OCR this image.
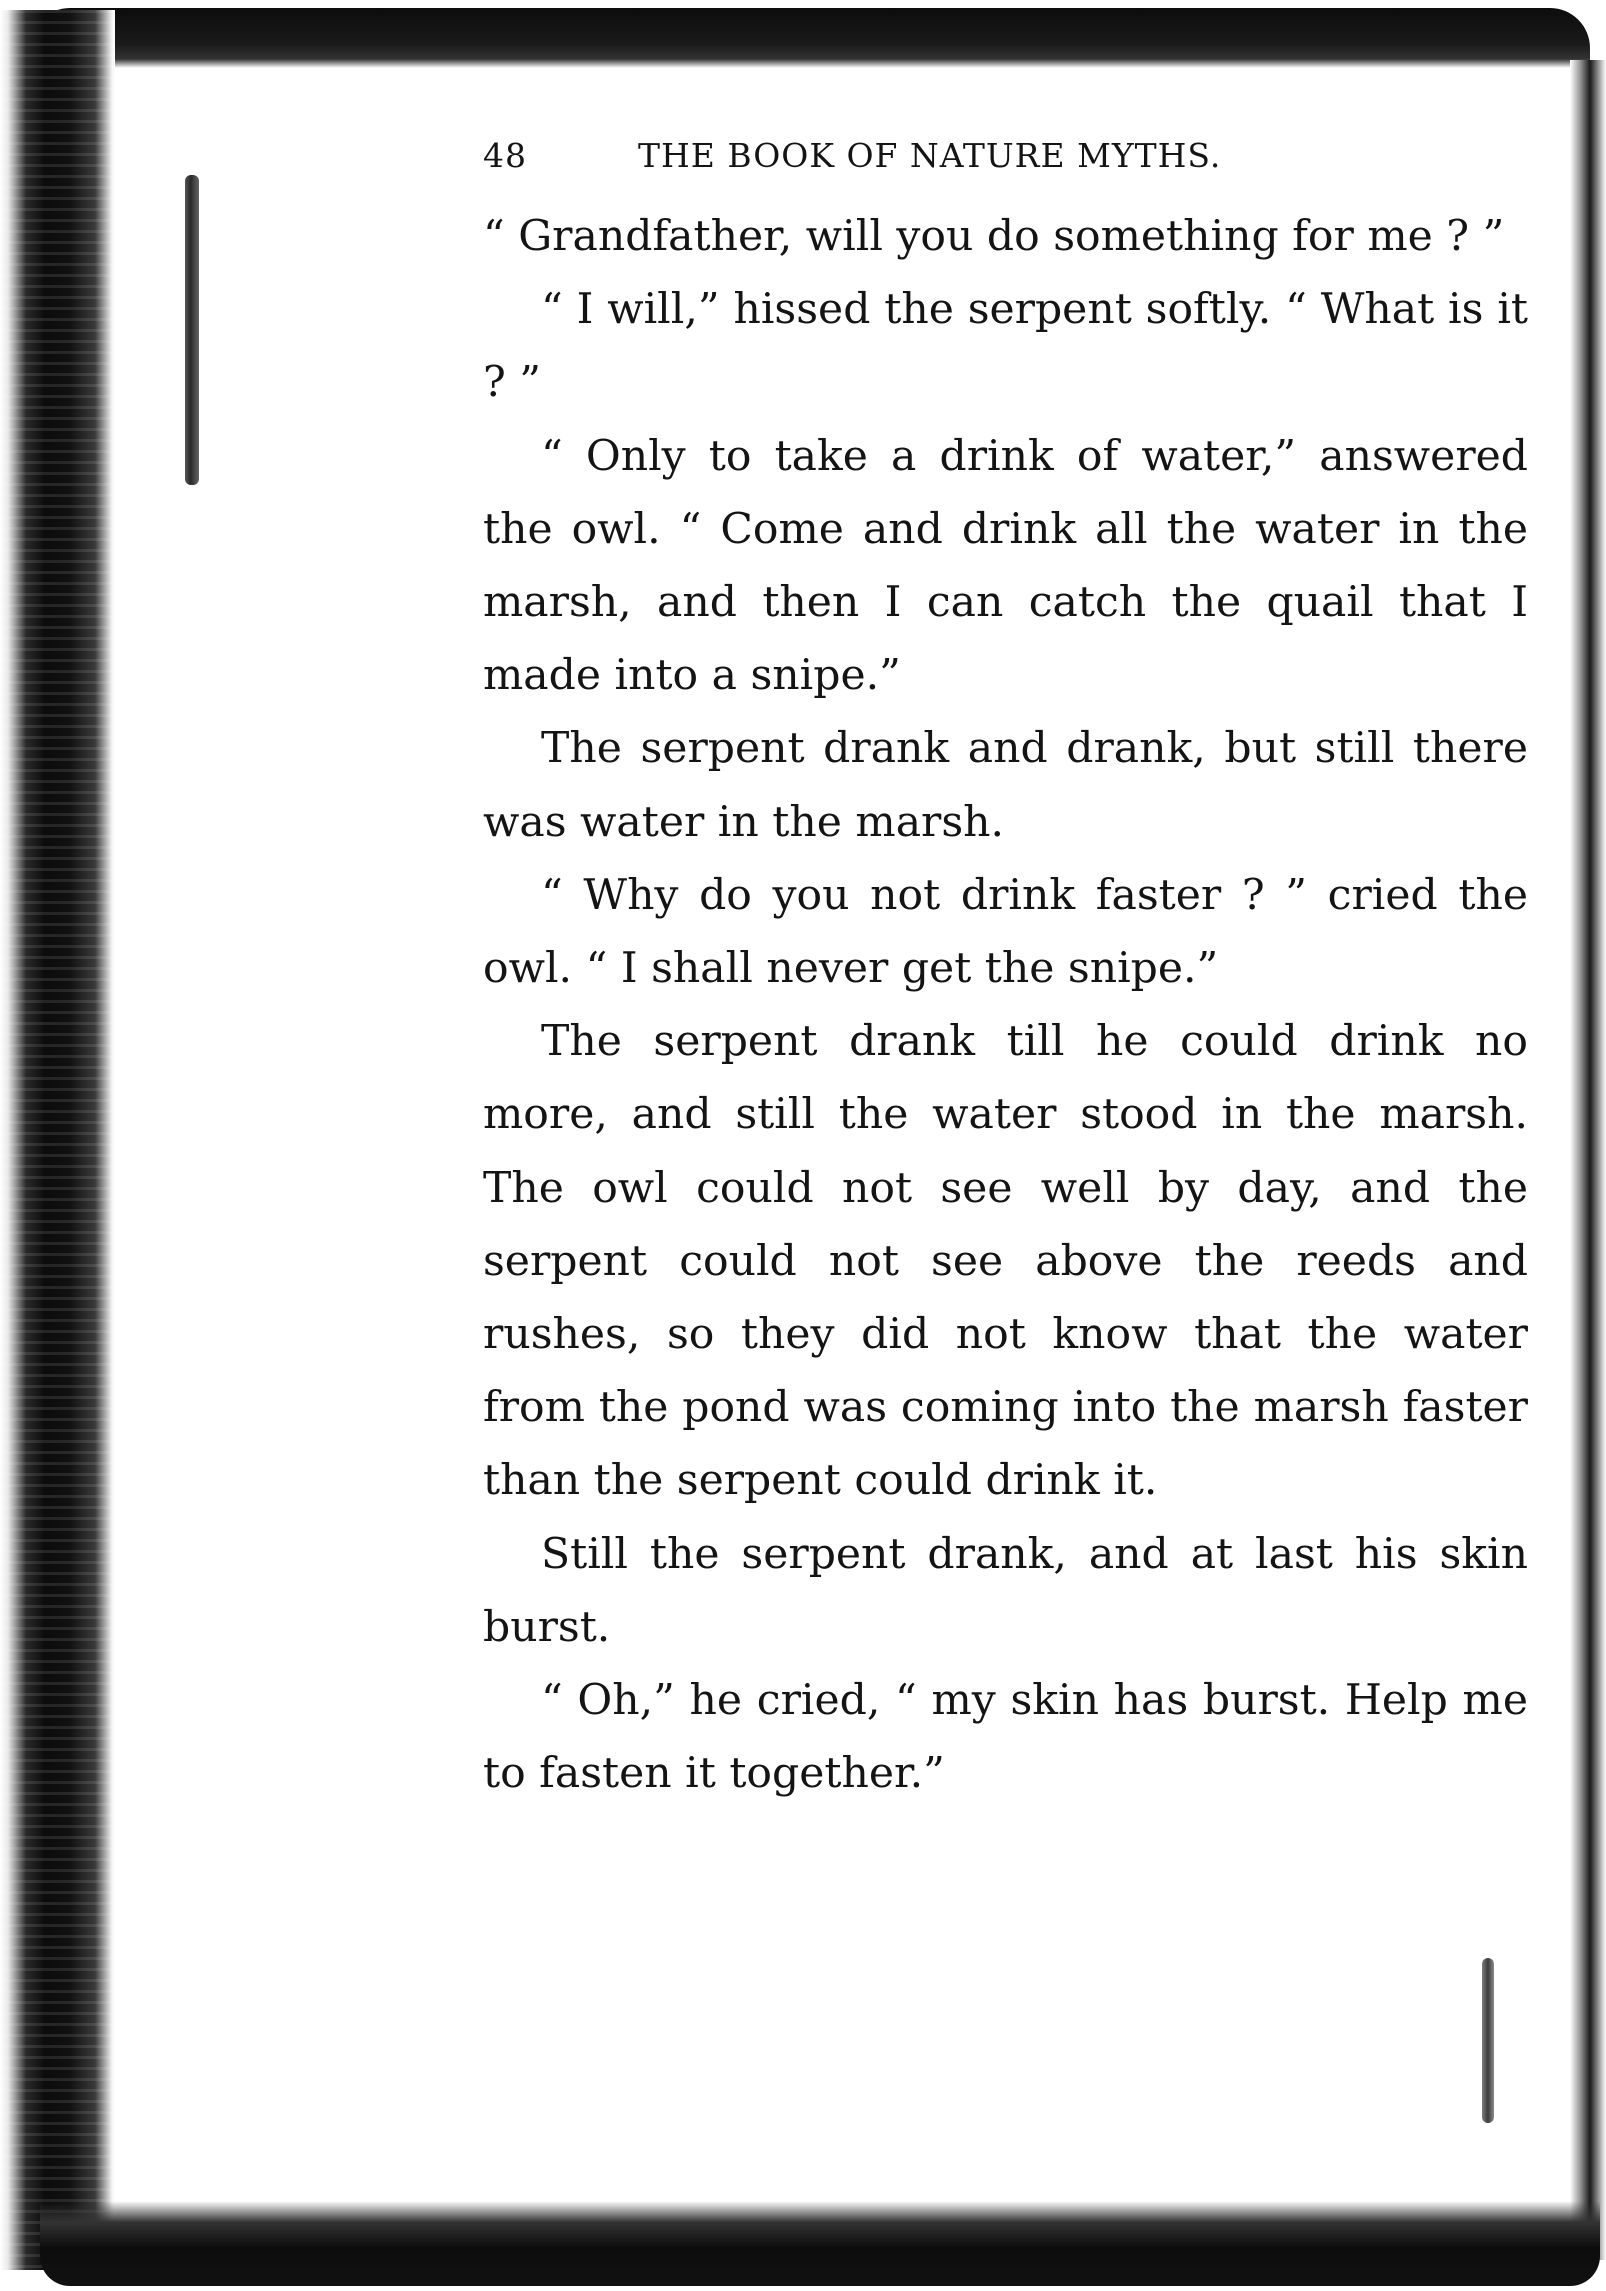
48	THE BOOK OF NATURE MYTHS.

“ Grandfather, will you do something for me ? ”

“ I will,” hissed the serpent softly. “ What is it ? ”

“ Only to take a drink of water,” answered the owl. “ Come and drink all the water in the marsh, and then I can catch the quail that I made into a snipe.”

The serpent drank and drank, but still there was water in the marsh.

“ Why do you not drink faster ? ” cried the owl. “ I shall never get the snipe.”

The serpent drank till he could drink no more, and still the water stood in the marsh. The owl could not see well by day, and the serpent could not see above the reeds and rushes, so they did not know that the water from the pond was coming into the marsh faster than the serpent could drink it.

Still the serpent drank, and at last his skin burst.

“ Oh,” he cried, “ my skin has burst. Help me to fasten it together.”
